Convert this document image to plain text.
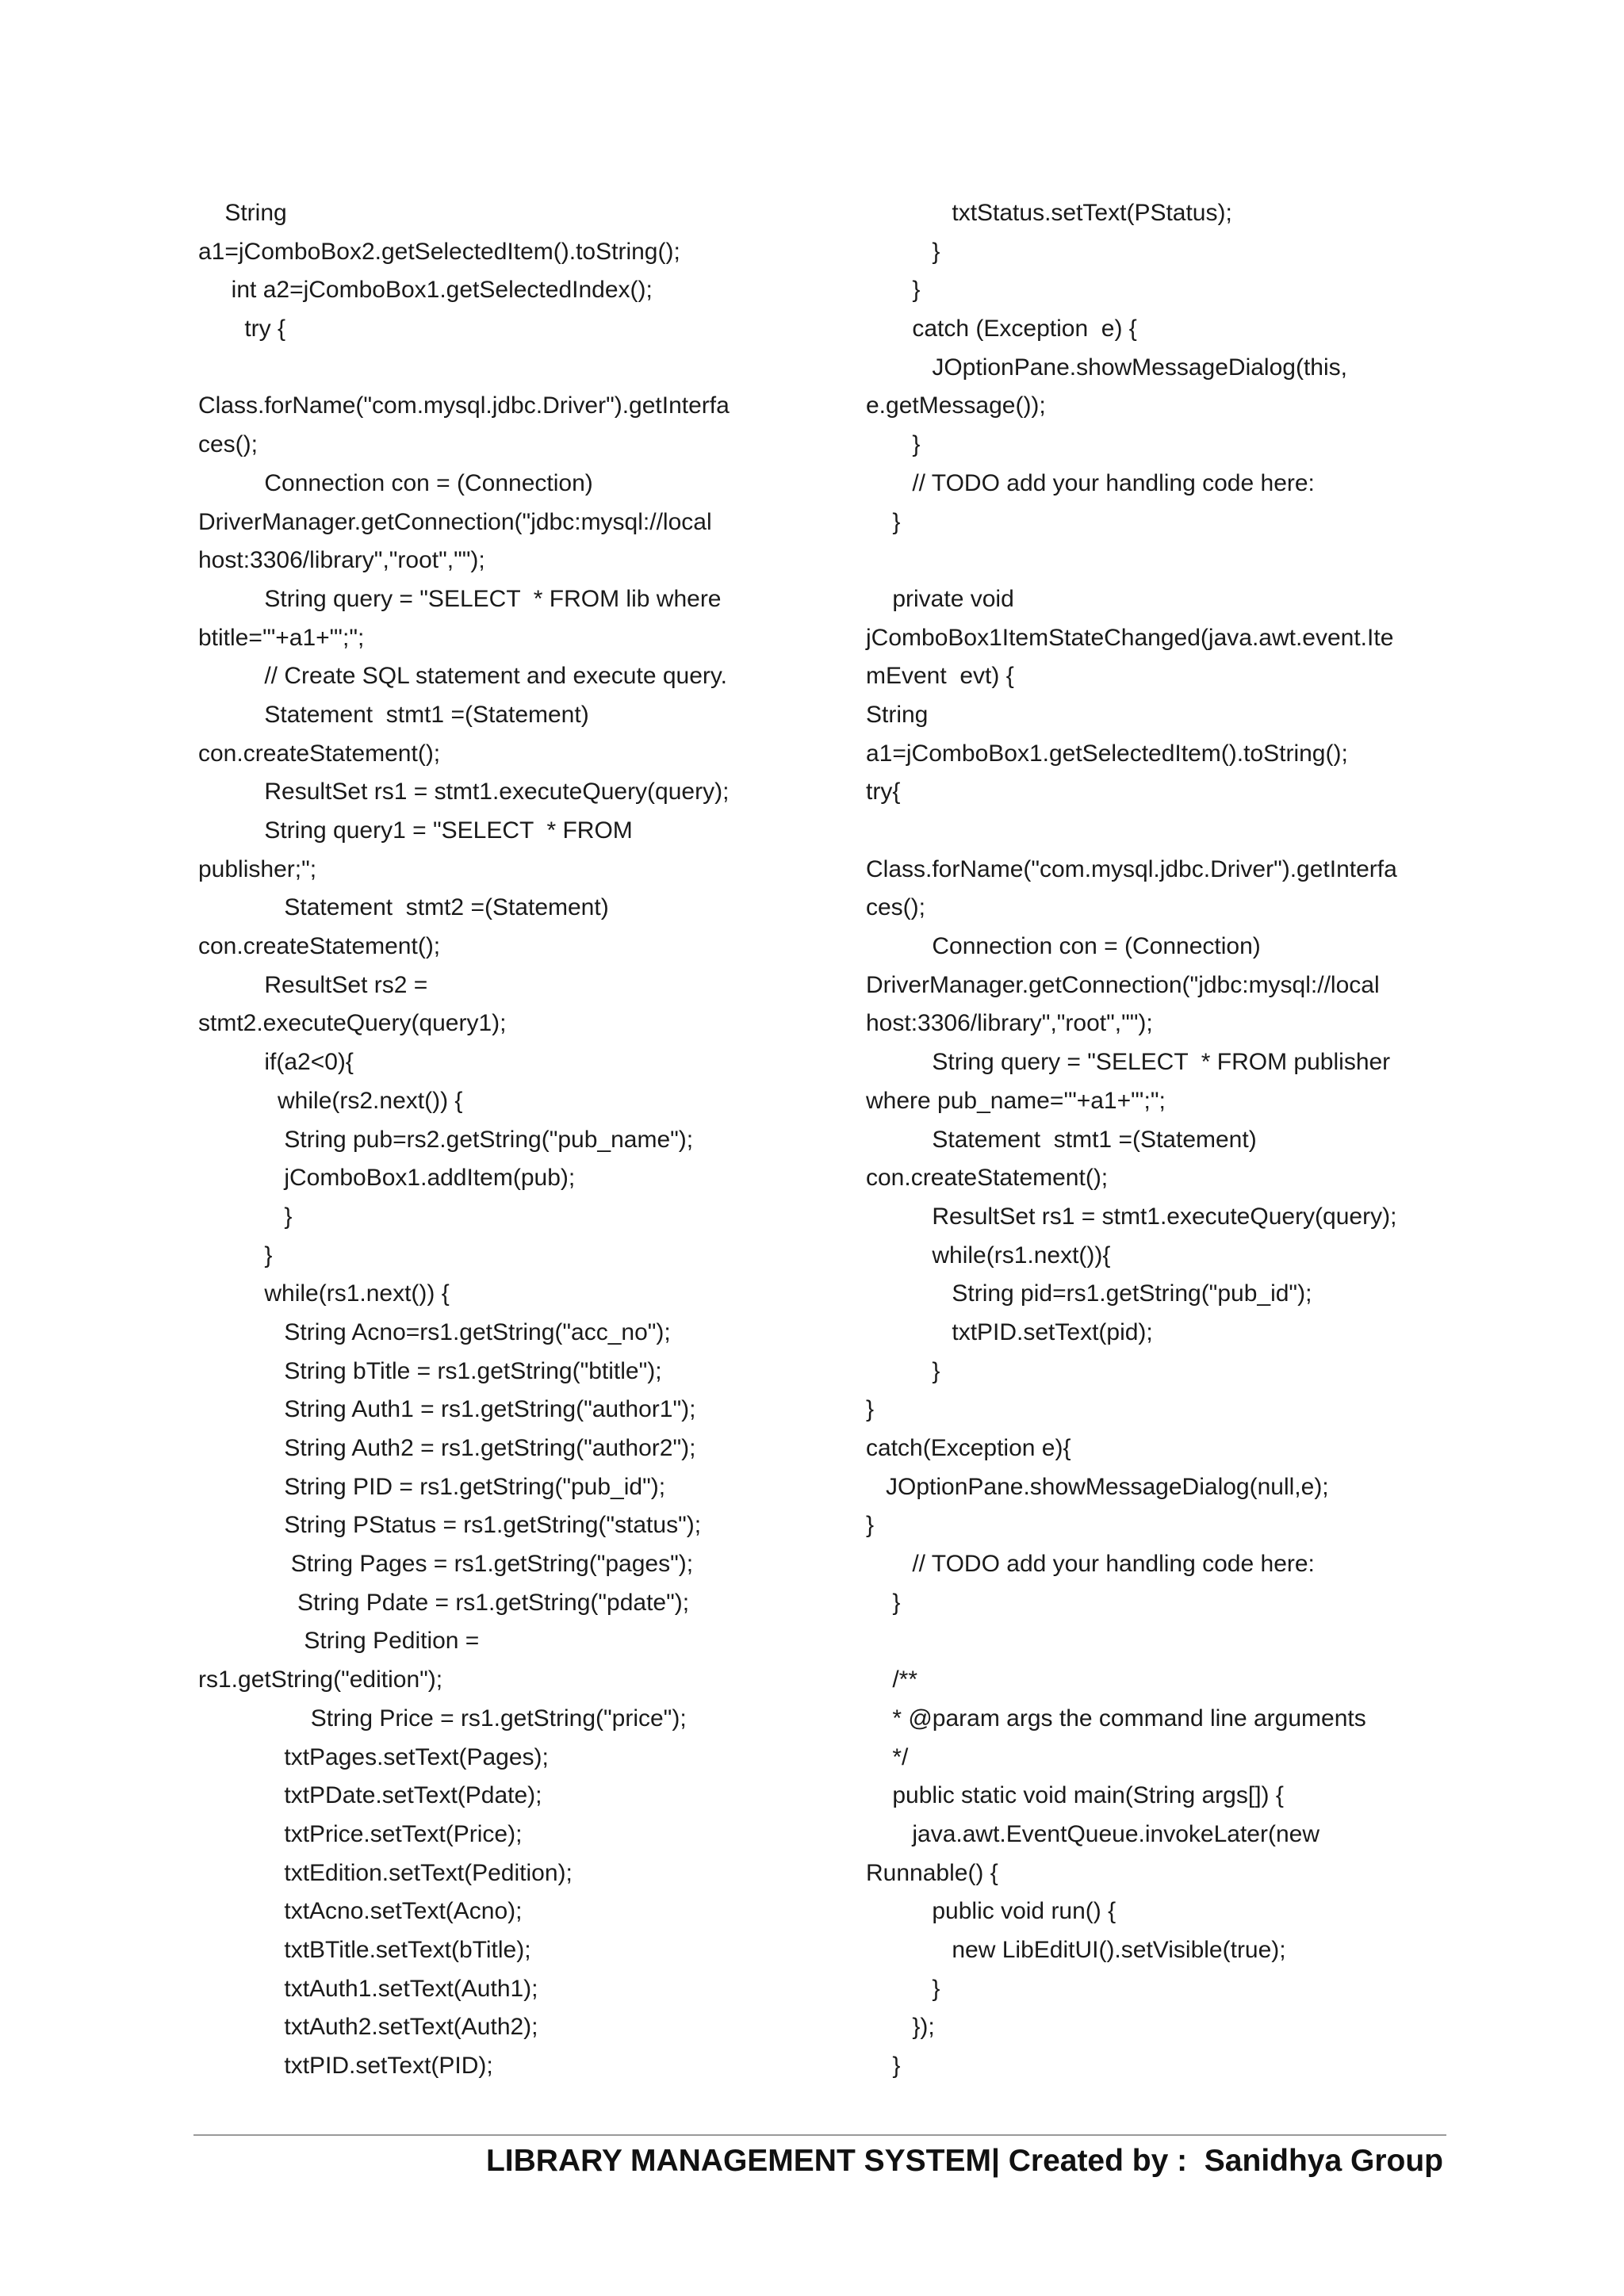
String
a1=jComboBox2.getSelectedItem().toString();
int a2=jComboBox1.getSelectedIndex();
try {
Class.forName("com.mysql.jdbc.Driver").getInterfa
ces();
Connection con = (Connection)
DriverManager.getConnection("jdbc:mysql://local
host:3306/library","root","");
String query = "SELECT  * FROM lib where
btitle='"+a1+"';";
// Create SQL statement and execute query.
Statement  stmt1 =(Statement)
con.createStatement();
ResultSet rs1 = stmt1.executeQuery(query);
String query1 = "SELECT  * FROM
publisher;";
Statement  stmt2 =(Statement)
con.createStatement();
ResultSet rs2 =
stmt2.executeQuery(query1);
if(a2<0){
while(rs2.next()) {
String pub=rs2.getString("pub_name");
jComboBox1.addItem(pub);
}
}
while(rs1.next()) {
String Acno=rs1.getString("acc_no");
String bTitle = rs1.getString("btitle");
String Auth1 = rs1.getString("author1");
String Auth2 = rs1.getString("author2");
String PID = rs1.getString("pub_id");
String PStatus = rs1.getString("status");
String Pages = rs1.getString("pages");
String Pdate = rs1.getString("pdate");
String Pedition =
rs1.getString("edition");
String Price = rs1.getString("price");
txtPages.setText(Pages);
txtPDate.setText(Pdate);
txtPrice.setText(Price);
txtEdition.setText(Pedition);
txtAcno.setText(Acno);
txtBTitle.setText(bTitle);
txtAuth1.setText(Auth1);
txtAuth2.setText(Auth2);
txtPID.setText(PID);
txtStatus.setText(PStatus);
}
}
catch (Exception  e) {
JOptionPane.showMessageDialog(this,
e.getMessage());
}
// TODO add your handling code here:
}
private void
jComboBox1ItemStateChanged(java.awt.event.Ite
mEvent  evt) {
String
a1=jComboBox1.getSelectedItem().toString();
try{
Class.forName("com.mysql.jdbc.Driver").getInterfa
ces();
Connection con = (Connection)
DriverManager.getConnection("jdbc:mysql://local
host:3306/library","root","");
String query = "SELECT  * FROM publisher
where pub_name='"+a1+"';";
Statement  stmt1 =(Statement)
con.createStatement();
ResultSet rs1 = stmt1.executeQuery(query);
while(rs1.next()){
String pid=rs1.getString("pub_id");
txtPID.setText(pid);
}
}
catch(Exception e){
JOptionPane.showMessageDialog(null,e);
}
// TODO add your handling code here:
}
/**
* @param args the command line arguments
*/
public static void main(String args[]) {
java.awt.EventQueue.invokeLater(new
Runnable() {
public void run() {
new LibEditUI().setVisible(true);
}
});
}
LIBRARY MANAGEMENT SYSTEM| Created by :  Sanidhya Group
